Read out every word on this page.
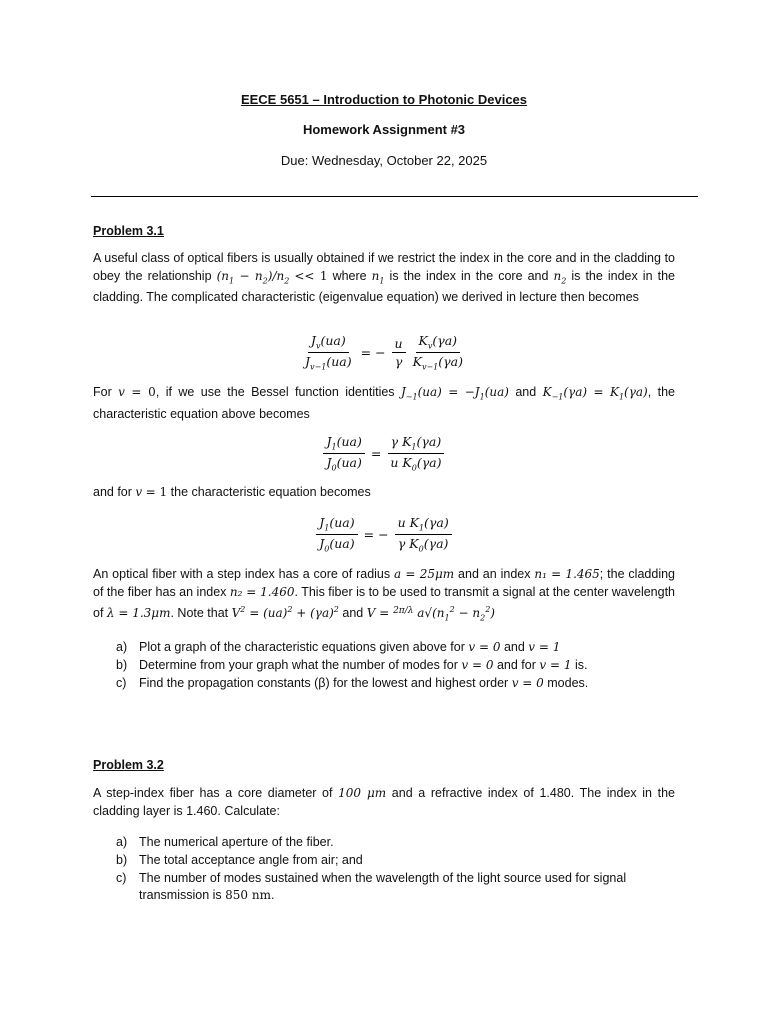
EECE 5651 – Introduction to Photonic Devices
Homework Assignment #3
Due: Wednesday, October 22, 2025
Problem 3.1
A useful class of optical fibers is usually obtained if we restrict the index in the core and in the cladding to obey the relationship $(n_1 - n_2)/n_2 << 1$ where $n_1$ is the index in the core and $n_2$ is the index in the cladding. The complicated characteristic (eigenvalue equation) we derived in lecture then becomes
$\frac{J_v(ua)}{J_{v-1}(ua)}$ = − $\frac{u}{\gamma} \frac{K_v(\gamma a)}{K_{v-1}(\gamma a)}$
For v = 0, if we use the Bessel function identities $J_{-1}(ua) = -J_1(ua)$ and $K_{-1}(\gamma a) = K_1(\gamma a)$, the characteristic equation above becomes
$\frac{J_1(ua)}{J_0(ua)} = \frac{\gamma K_1(\gamma a)}{u K_0(\gamma a)}$
and for v = 1 the characteristic equation becomes
$\frac{J_1(ua)}{J_0(ua)}$ = − $\frac{u K_1(\gamma a)}{\gamma K_0(\gamma a)}$
An optical fiber with a step index has a core of radius a = 25μm and an index n₁ = 1.465; the cladding of the fiber has an index n₂ = 1.460. This fiber is to be used to transmit a signal at the center wavelength of λ = 1.3μm. Note that $V^2 = (ua)^2 + (\gamma a)^2$ and V = $^{2\pi/\lambda}$ $a√(n_1^2 - n_2^2)$
a) Plot a graph of the characteristic equations given above for v = 0 and v = 1
b) Determine from your graph what the number of modes for v = 0 and for v = 1 is.
c) Find the propagation constants (β) for the lowest and highest order v = 0 modes.
Problem 3.2
A step-index fiber has a core diameter of 100 μm and a refractive index of 1.480. The index in the cladding layer is 1.460. Calculate:
a) The numerical aperture of the fiber.
b) The total acceptance angle from air; and
c) The number of modes sustained when the wavelength of the light source used for signal transmission is 850 nm.
